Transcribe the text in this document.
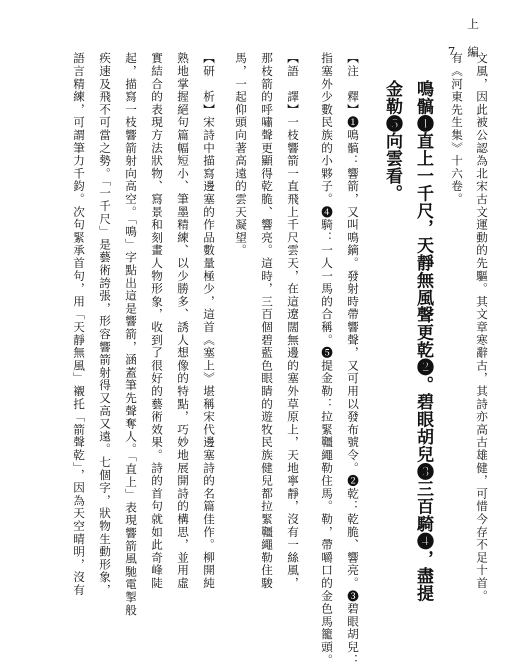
7 上 編
文風，因此被公認為北宋古文運動的先驅。其文章寒辭古，其詩亦高古雄健，可惜今存不足十首。
有《河東先生集》十六卷。
鳴髇❶直上一千尺，天靜無風聲更乾❷。碧眼胡兒❸三百騎❹，盡提
金勒❺向雲看。
【注　釋】❶鳴髇：響箭，又叫鳴鏑。發射時帶響聲，又可用以發布號令。❷乾：乾脆、響亮。❸碧眼胡兒：
指塞外少數民族的小夥子。❹騎：一人一馬的合稱。❺提金勒：拉緊韁繩勒住馬。勒，帶嚼口的金色馬籠頭。
【語　譯】一枝響箭一直飛上千尺雲天，在這遼闊無邊的塞外草原上，天地寧靜，沒有一絲風，
那枝箭的呼嘯聲更顯得乾脆、響亮。這時，三百個碧藍色眼睛的遊牧民族健兒都拉緊韁繩勒住駿
馬，一起仰頭向著高遠的雲天凝望。
【研　析】宋詩中描寫邊塞的作品數量極少，這首《塞上》堪稱宋代邊塞詩的名篇佳作。柳開純
熟地掌握絕句篇幅短小、筆墨精練、以少勝多、誘人想像的特點，巧妙地展開詩的構思，並用虛
實結合的表現方法狀物、寫景和刻畫人物形象，收到了很好的藝術效果。詩的首句就如此奇峰陡
起，描寫一枝響箭射向高空。「鳴」字點出這是響箭，涵蓋筆先聲奪人。「直上」表現響箭風馳電掣般
疾速及飛不可當之勢。「一千尺」是藝術誇張，形容響箭射得又高又遠。七個字，狀物生動形象，
語言精練，可謂筆力千鈞。次句緊承首句，用「天靜無風」襯托「箭聲乾」，因為天空晴明，沒有
